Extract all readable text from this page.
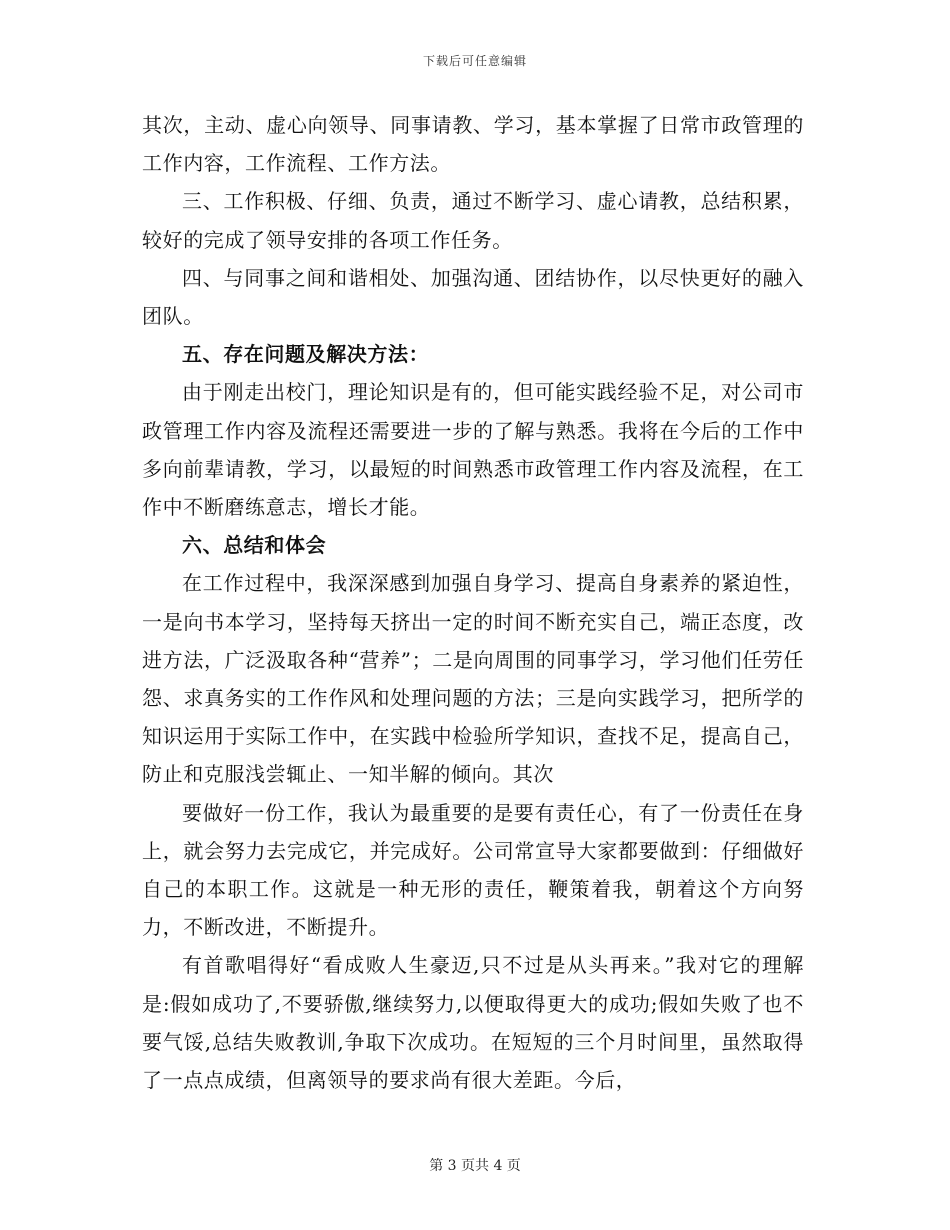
下载后可任意编辑

其次，主动、虚心向领导、同事请教、学习，基本掌握了日常市政管理的工作内容，工作流程、工作方法。

三、工作积极、仔细、负责，通过不断学习、虚心请教，总结积累，较好的完成了领导安排的各项工作任务。

四、与同事之间和谐相处、加强沟通、团结协作，以尽快更好的融入团队。

五、存在问题及解决方法：

由于刚走出校门，理论知识是有的，但可能实践经验不足，对公司市政管理工作内容及流程还需要进一步的了解与熟悉。我将在今后的工作中多向前辈请教，学习，以最短的时间熟悉市政管理工作内容及流程，在工作中不断磨练意志，增长才能。

六、总结和体会

在工作过程中，我深深感到加强自身学习、提高自身素养的紧迫性，一是向书本学习，坚持每天挤出一定的时间不断充实自己，端正态度，改进方法，广泛汲取各种“营养”；二是向周围的同事学习，学习他们任劳任怨、求真务实的工作作风和处理问题的方法；三是向实践学习，把所学的知识运用于实际工作中，在实践中检验所学知识，查找不足，提高自己，防止和克服浅尝辄止、一知半解的倾向。其次

要做好一份工作，我认为最重要的是要有责任心，有了一份责任在身上，就会努力去完成它，并完成好。公司常宣导大家都要做到：仔细做好自己的本职工作。这就是一种无形的责任，鞭策着我，朝着这个方向努力，不断改进，不断提升。

有首歌唱得好“看成败人生豪迈,只不过是从头再来。”我对它的理解是:假如成功了,不要骄傲,继续努力,以便取得更大的成功;假如失败了也不要气馁,总结失败教训,争取下次成功。在短短的三个月时间里，虽然取得了一点点成绩，但离领导的要求尚有很大差距。今后，

第 3 页共 4 页
